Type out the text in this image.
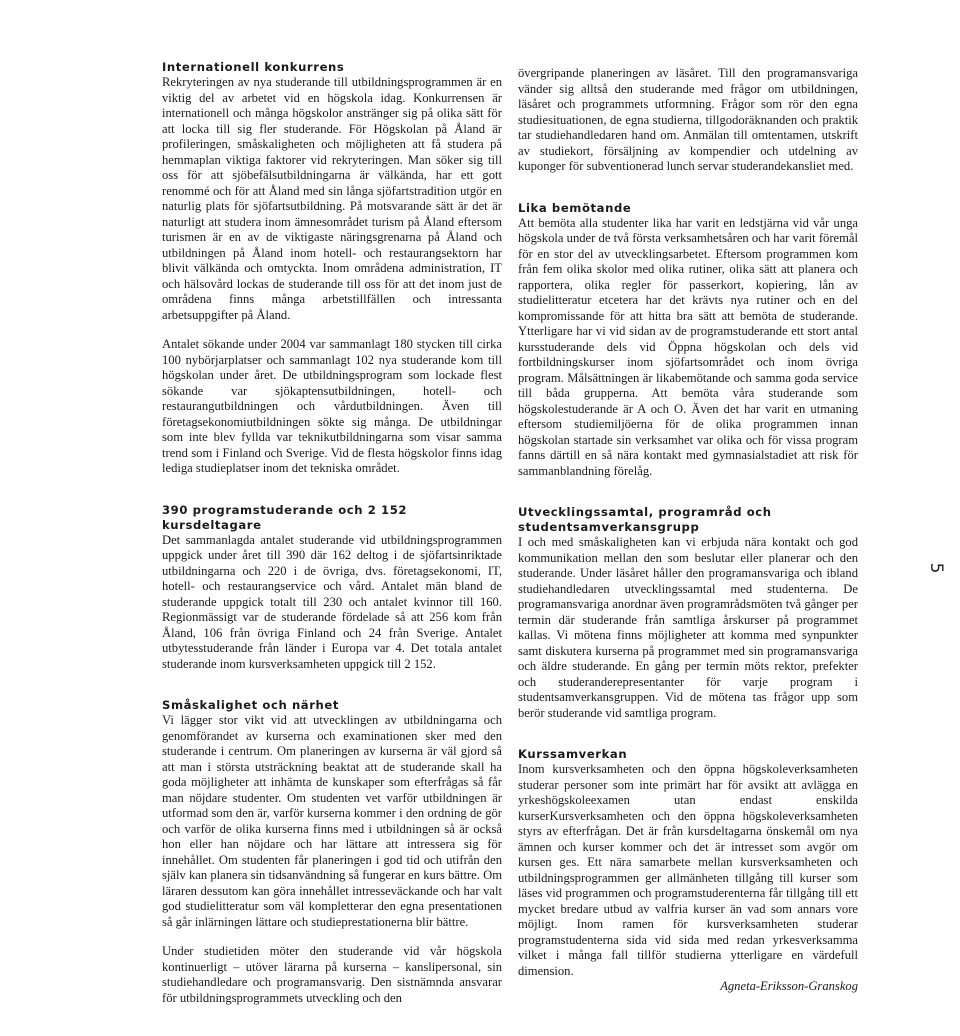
Internationell konkurrens

Rekryteringen av nya studerande till utbildningsprogrammen är en viktig del av arbetet vid en högskola idag. Konkurrensen är internationell och många högskolor anstränger sig på olika sätt för att locka till sig fler studerande. För Högskolan på Åland är profileringen, småskaligheten och möjligheten att få studera på hemmaplan viktiga faktorer vid rekryteringen. Man söker sig till oss för att sjöbefälsutbildningarna är välkända, har ett gott renommé och för att Åland med sin långa sjöfartstradition utgör en naturlig plats för sjöfartsutbildning. På motsvarande sätt är det är naturligt att studera inom ämnesområdet turism på Åland eftersom turismen är en av de viktigaste näringsgrenarna på Åland och utbildningen på Åland inom hotell- och restaurangsektorn har blivit välkända och omtyckta. Inom områdena administration, IT och hälsovård lockas de studerande till oss för att det inom just de områdena finns många arbetstillfällen och intressanta arbetsuppgifter på Åland.

Antalet sökande under 2004 var sammanlagt 180 stycken till cirka 100 nybörjarplatser och sammanlagt 102 nya studerande kom till högskolan under året. De utbildningsprogram som lockade flest sökande var sjökaptensutbildningen, hotell- och restaurangutbildningen och vårdutbildningen. Även till företagsekonomiutbildningen sökte sig många. De utbildningar som inte blev fyllda var teknikutbildningarna som visar samma trend som i Finland och Sverige. Vid de flesta högskolor finns idag lediga studieplatser inom det tekniska området.

390 programstuderande och 2 152 kursdeltagare

Det sammanlagda antalet studerande vid utbildningsprogrammen uppgick under året till 390 där 162 deltog i de sjöfartsinriktade utbildningarna och 220 i de övriga, dvs. företagsekonomi, IT, hotell- och restaurangservice och vård. Antalet män bland de studerande uppgick totalt till 230 och antalet kvinnor till 160. Regionmässigt var de studerande fördelade så att 256 kom från Åland, 106 från övriga Finland och 24 från Sverige. Antalet utbytesstuderande från länder i Europa var 4. Det totala antalet studerande inom kursverksamheten uppgick till 2 152.

Småskalighet och närhet

Vi lägger stor vikt vid att utvecklingen av utbildningarna och genomförandet av kurserna och examinationen sker med den studerande i centrum. Om planeringen av kurserna är väl gjord så att man i största utsträckning beaktat att de studerande skall ha goda möjligheter att inhämta de kunskaper som efterfrågas så får man nöjdare studenter. Om studenten vet varför utbildningen är utformad som den är, varför kurserna kommer i den ordning de gör och varför de olika kurserna finns med i utbildningen så är också hon eller han nöjdare och har lättare att intressera sig för innehållet. Om studenten får planeringen i god tid och utifrån den själv kan planera sin tidsanvändning så fungerar en kurs bättre. Om läraren dessutom kan göra innehållet intresseväckande och har valt god studielitteratur som väl kompletterar den egna presentationen så går inlärningen lättare och studieprestationerna blir bättre.

Under studietiden möter den studerande vid vår högskola kontinuerligt – utöver lärarna på kurserna – kanslipersonal, sin studiehandledare och programansvarig. Den sistnämnda ansvarar för utbildningsprogrammets utveckling och den

övergripande planeringen av läsåret. Till den programansvariga vänder sig alltså den studerande med frågor om utbildningen, läsåret och programmets utformning. Frågor som rör den egna studiesituationen, de egna studierna, tillgodoräknanden och praktik tar studiehandledaren hand om. Anmälan till omtentamen, utskrift av studiekort, försäljning av kompendier och utdelning av kuponger för subventionerad lunch servar studerandekansliet med.

Lika bemötande

Att bemöta alla studenter lika har varit en ledstjärna vid vår unga högskola under de två första verksamhetsåren och har varit föremål för en stor del av utvecklingsarbetet. Eftersom programmen kom från fem olika skolor med olika rutiner, olika sätt att planera och rapportera, olika regler för passerkort, kopiering, lån av studielitteratur etcetera har det krävts nya rutiner och en del kompromissande för att hitta bra sätt att bemöta de studerande. Ytterligare har vi vid sidan av de programstuderande ett stort antal kursstuderande dels vid Öppna högskolan och dels vid fortbildningskurser inom sjöfartsområdet och inom övriga program. Målsättningen är likabemötande och samma goda service till båda grupperna. Att bemöta våra studerande som högskolestuderande är A och O. Även det har varit en utmaning eftersom studiemiljöerna för de olika programmen innan högskolan startade sin verksamhet var olika och för vissa program fanns därtill en så nära kontakt med gymnasialstadiet att risk för sammanblandning förelåg.

Utvecklingssamtal, programråd och studentsamverkansgrupp

I och med småskaligheten kan vi erbjuda nära kontakt och god kommunikation mellan den som beslutar eller planerar och den studerande. Under läsåret håller den programansvariga och ibland studiehandledaren utvecklingssamtal med studenterna. De programansvariga anordnar även programrådsmöten två gånger per termin där studerande från samtliga årskurser på programmet kallas. Vi mötena finns möjligheter att komma med synpunkter samt diskutera kurserna på programmet med sin programansvariga och äldre studerande. En gång per termin möts rektor, prefekter och studeranderepresentanter för varje program i studentsamverkansgruppen. Vid de mötena tas frågor upp som berör studerande vid samtliga program.

Kurssamverkan

Inom kursverksamheten och den öppna högskoleverksamheten studerar personer som inte primärt har för avsikt att avlägga en yrkeshögskoleexamen utan endast enskilda kurserKursverksamheten och den öppna högskoleverksamheten styrs av efterfrågan. Det är från kursdeltagarna önskemål om nya ämnen och kurser kommer och det är intresset som avgör om kursen ges. Ett nära samarbete mellan kursverksamheten och utbildningsprogrammen ger allmänheten tillgång till kurser som läses vid programmen och programstuderenterna får tillgång till ett mycket bredare utbud av valfria kurser än vad som annars vore möjligt. Inom ramen för kursverksamheten studerar programstudenterna sida vid sida med redan yrkesverksamma vilket i många fall tillför studierna ytterligare en värdefull dimension.

Agneta-Eriksson-Granskog

5
